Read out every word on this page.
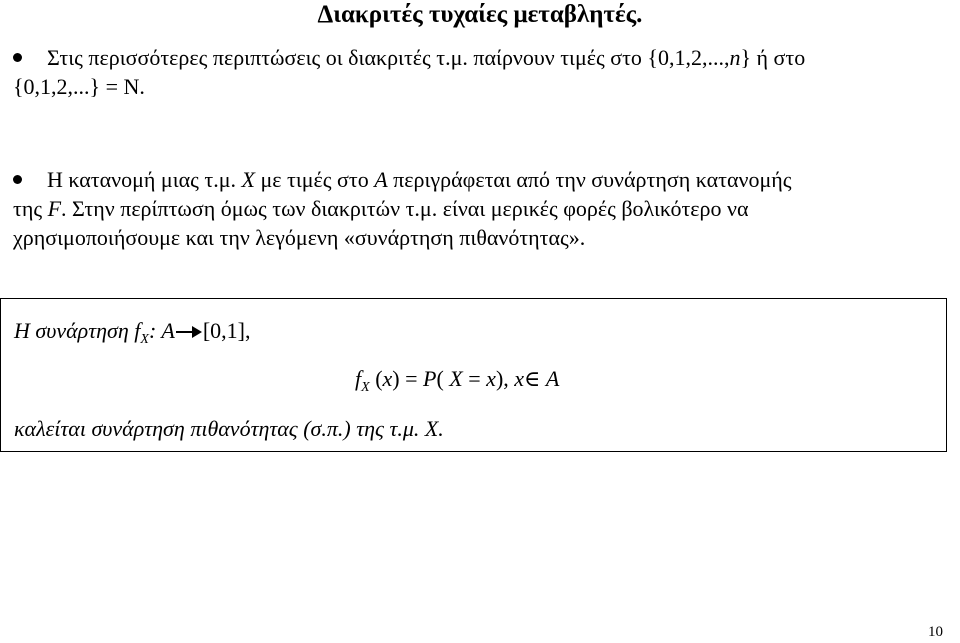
Διακριτές τυχαίες μεταβλητές.
Στις περισσότερες περιπτώσεις οι διακριτές τ.μ. παίρνουν τιμές στο {0,1,2,...,n} ή στο
{0,1,2,...} = N.
Η κατανομή μιας τ.μ. X με τιμές στο A περιγράφεται από την συνάρτηση κατανομής
της F. Στην περίπτωση όμως των διακριτών τ.μ. είναι μερικές φορές βολικότερο να
χρησιμοποιήσουμε και την λεγόμενη «συνάρτηση πιθανότητας».
Η συνάρτηση $f_X$: A [0,1],
$f_X$ (x) = P( X = x), x∈ A
καλείται συνάρτηση πιθανότητας (σ.π.) της τ.μ. X.
10
